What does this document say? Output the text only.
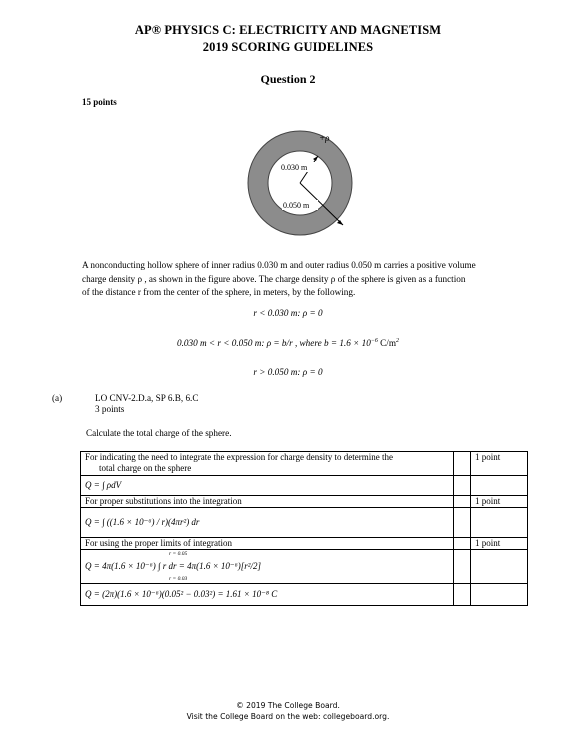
AP® PHYSICS C: ELECTRICITY AND MAGNETISM
2019 SCORING GUIDELINES
Question 2
15 points
0.030 m
0.050 m
+ρ
A nonconducting hollow sphere of inner radius 0.030 m and outer radius 0.050 m carries a positive volume
charge density ρ , as shown in the figure above. The charge density ρ of the sphere is given as a function
of the distance r from the center of the sphere, in meters, by the following.
r < 0.030 m: ρ = 0
0.030 m < r < 0.050 m: ρ = b/r , where $b = 1.6 \times 10^{-6}$ $C/m^2$
r > 0.050 m: ρ = 0
(a)	LO CNV-2.D.a, SP 6.B, 6.C
3 points
Calculate the total charge of the sphere.
For indicating the need to integrate the expression for charge density to determine the
total charge on the sphere		1 point
Q = ∫ ρdV		
For proper substitutions into the integration		1 point
Q = ∫ ((1.6 × 10⁻⁶) / r)(4πr²) dr		
For using the proper limits of integration		1 point

r = 0.05
Q = 4π(1.6 × 10⁻⁶) ∫ r dr = 4π(1.6 × 10⁻⁶)[r²/2]
r = 0.03		

Q = (2π)(1.6 × 10⁻⁶)(0.05² − 0.03²) = 1.61 × 10⁻⁸ C		
© 2019 The College Board.
Visit the College Board on the web: collegeboard.org.
